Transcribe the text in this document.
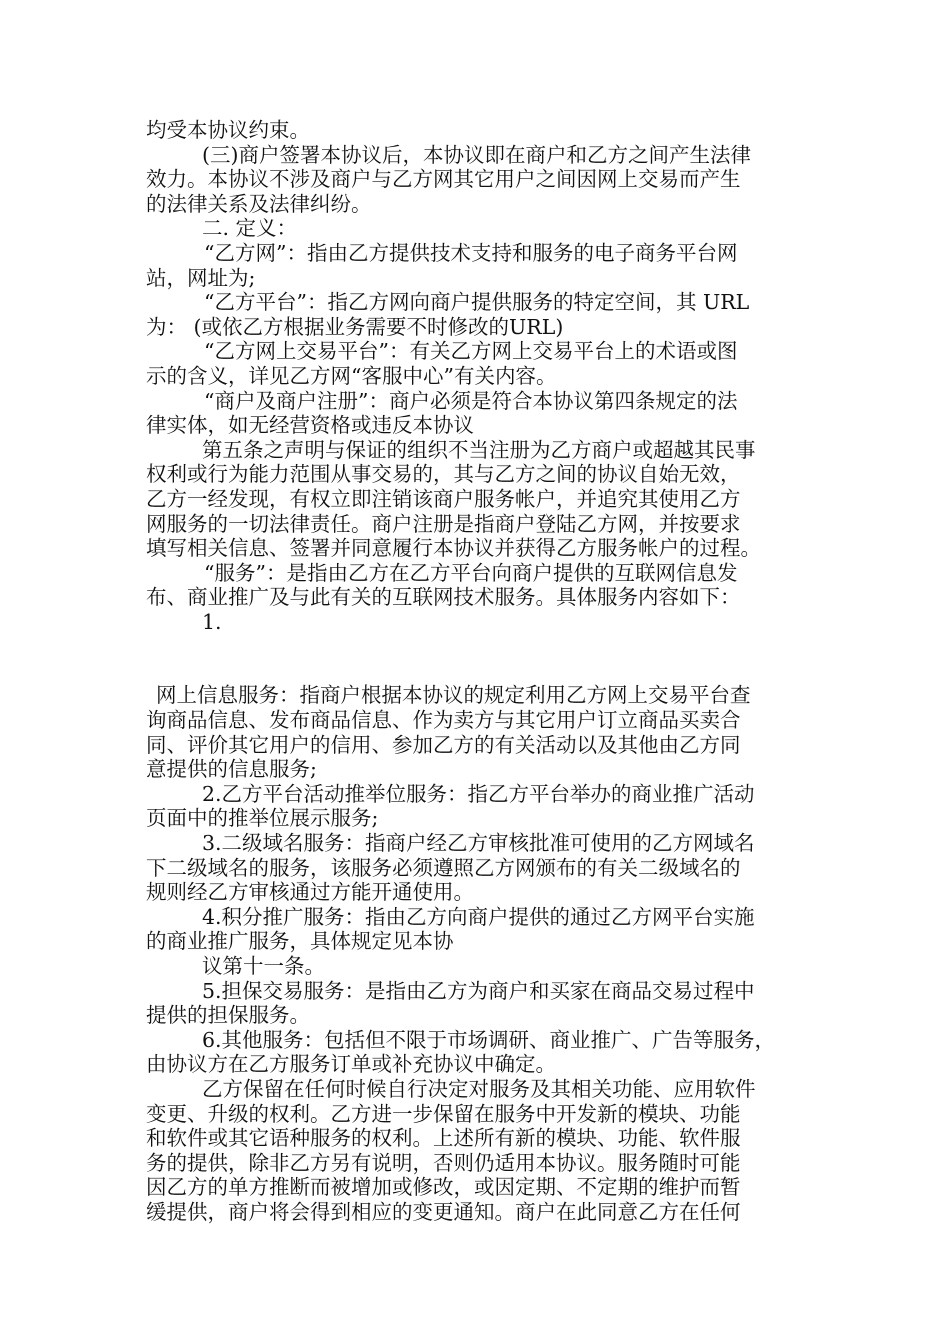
均受本协议约束。
(三)商户签署本协议后，本协议即在商户和乙方之间产生法律
效力。本协议不涉及商户与乙方网其它用户之间因网上交易而产生
的法律关系及法律纠纷。
二. 定义：
“乙方网”：指由乙方提供技术支持和服务的电子商务平台网
站，网址为;
“乙方平台”：指乙方网向商户提供服务的特定空间，其 URL
为： (或依乙方根据业务需要不时修改的URL)
“乙方网上交易平台”：有关乙方网上交易平台上的术语或图
示的含义，详见乙方网“客服中心”有关内容。
“商户及商户注册”：商户必须是符合本协议第四条规定的法
律实体，如无经营资格或违反本协议
第五条之声明与保证的组织不当注册为乙方商户或超越其民事
权利或行为能力范围从事交易的，其与乙方之间的协议自始无效，
乙方一经发现，有权立即注销该商户服务帐户，并追究其使用乙方
网服务的一切法律责任。商户注册是指商户登陆乙方网，并按要求
填写相关信息、签署并同意履行本协议并获得乙方服务帐户的过程。
“服务”：是指由乙方在乙方平台向商户提供的互联网信息发
布、商业推广及与此有关的互联网技术服务。具体服务内容如下：
1.
网上信息服务：指商户根据本协议的规定利用乙方网上交易平台查
询商品信息、发布商品信息、作为卖方与其它用户订立商品买卖合
同、评价其它用户的信用、参加乙方的有关活动以及其他由乙方同
意提供的信息服务;
2.乙方平台活动推举位服务：指乙方平台举办的商业推广活动
页面中的推举位展示服务;
3.二级域名服务：指商户经乙方审核批准可使用的乙方网域名
下二级域名的服务，该服务必须遵照乙方网颁布的有关二级域名的
规则经乙方审核通过方能开通使用。
4.积分推广服务：指由乙方向商户提供的通过乙方网平台实施
的商业推广服务，具体规定见本协
议第十一条。
5.担保交易服务：是指由乙方为商户和买家在商品交易过程中
提供的担保服务。
6.其他服务：包括但不限于市场调研、商业推广、广告等服务，
由协议方在乙方服务订单或补充协议中确定。
乙方保留在任何时候自行决定对服务及其相关功能、应用软件
变更、升级的权利。乙方进一步保留在服务中开发新的模块、功能
和软件或其它语种服务的权利。上述所有新的模块、功能、软件服
务的提供，除非乙方另有说明，否则仍适用本协议。服务随时可能
因乙方的单方推断而被增加或修改，或因定期、不定期的维护而暂
缓提供，商户将会得到相应的变更通知。商户在此同意乙方在任何
